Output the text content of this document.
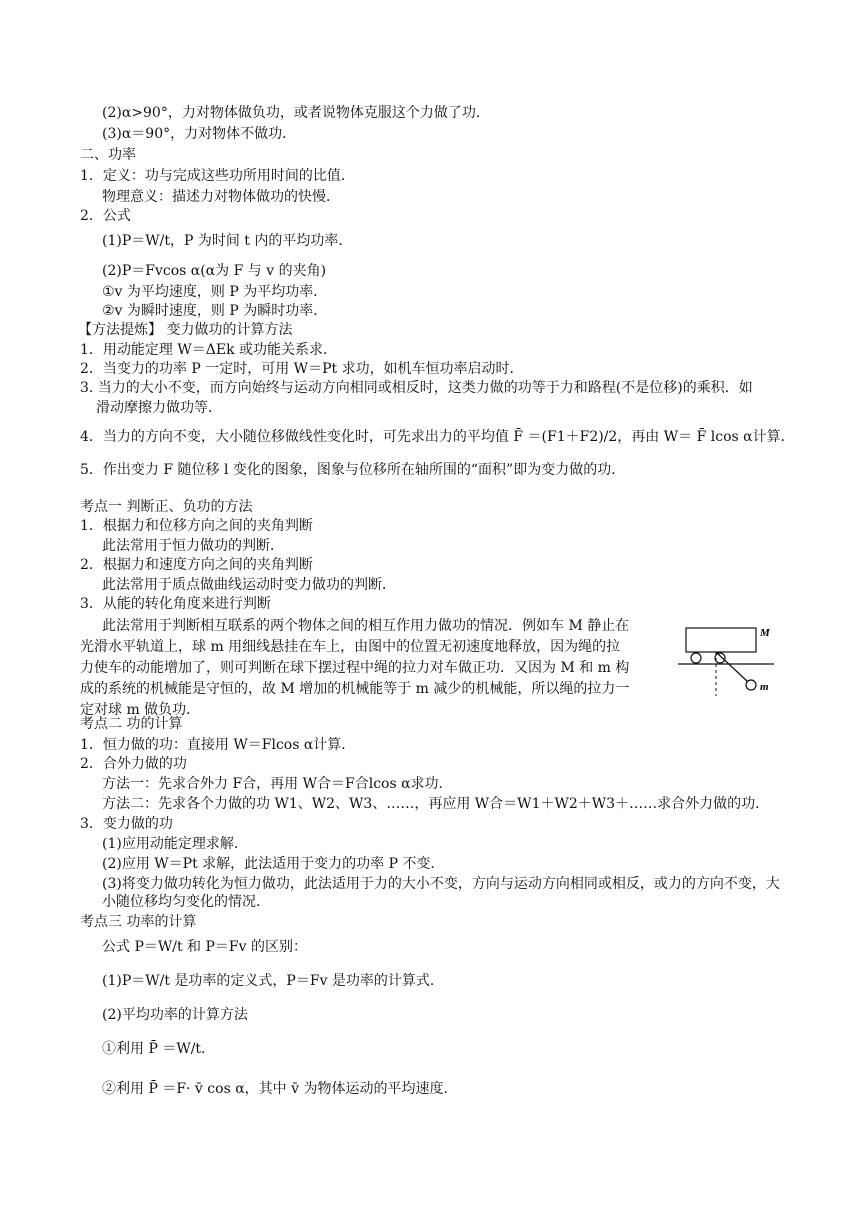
(2)α>90°，力对物体做负功，或者说物体克服这个力做了功．
(3)α＝90°，力对物体不做功．
二、功率
1．定义：功与完成这些功所用时间的比值．
物理意义：描述力对物体做功的快慢．
2．公式
(1)P＝W/t，P 为时间 t 内的平均功率．
(2)P＝Fvcos α(α为 F 与 v 的夹角)
①v 为平均速度，则 P 为平均功率．
②v 为瞬时速度，则 P 为瞬时功率．
【方法提炼】 变力做功的计算方法
1．用动能定理 W＝ΔEk 或功能关系求．
2．当变力的功率 P 一定时，可用 W＝Pt 求功，如机车恒功率启动时．
3. 当力的大小不变，而方向始终与运动方向相同或相反时，这类力做的功等于力和路程(不是位移)的乘积．如
滑动摩擦力做功等．
4．当力的方向不变，大小随位移做线性变化时，可先求出力的平均值 F̄ ＝(F1＋F2)/2，再由 W＝ F̄ lcos α计算．
5．作出变力 F 随位移 l 变化的图象，图象与位移所在轴所围的“面积”即为变力做的功．
考点一 判断正、负功的方法
1．根据力和位移方向之间的夹角判断
此法常用于恒力做功的判断．
2．根据力和速度方向之间的夹角判断
此法常用于质点做曲线运动时变力做功的判断．
3．从能的转化角度来进行判断
此法常用于判断相互联系的两个物体之间的相互作用力做功的情况．例如车 M 静止在
光滑水平轨道上，球 m 用细线悬挂在车上，由图中的位置无初速度地释放，因为绳的拉
力使车的动能增加了，则可判断在球下摆过程中绳的拉力对车做正功．又因为 M 和 m 构
成的系统的机械能是守恒的，故 M 增加的机械能等于 m 减少的机械能，所以绳的拉力一
定对球 m 做负功．
M
m
考点二 功的计算
1．恒力做的功：直接用 W＝Flcos α计算．
2．合外力做的功
方法一：先求合外力 F合，再用 W合＝F合lcos α求功．
方法二：先求各个力做的功 W1、W2、W3、……，再应用 W合＝W1＋W2＋W3＋……求合外力做的功．
3．变力做的功
(1)应用动能定理求解．
(2)应用 W＝Pt 求解，此法适用于变力的功率 P 不变．
(3)将变力做功转化为恒力做功，此法适用于力的大小不变，方向与运动方向相同或相反，或力的方向不变，大小随位移均匀变化的情况．
考点三 功率的计算
公式 P＝W/t 和 P＝Fv 的区别：
(1)P＝W/t 是功率的定义式，P＝Fv 是功率的计算式．
(2)平均功率的计算方法
①利用 P̄ ＝W/t．
②利用 P̄ ＝F· v̄ cos α，其中 v̄ 为物体运动的平均速度．
